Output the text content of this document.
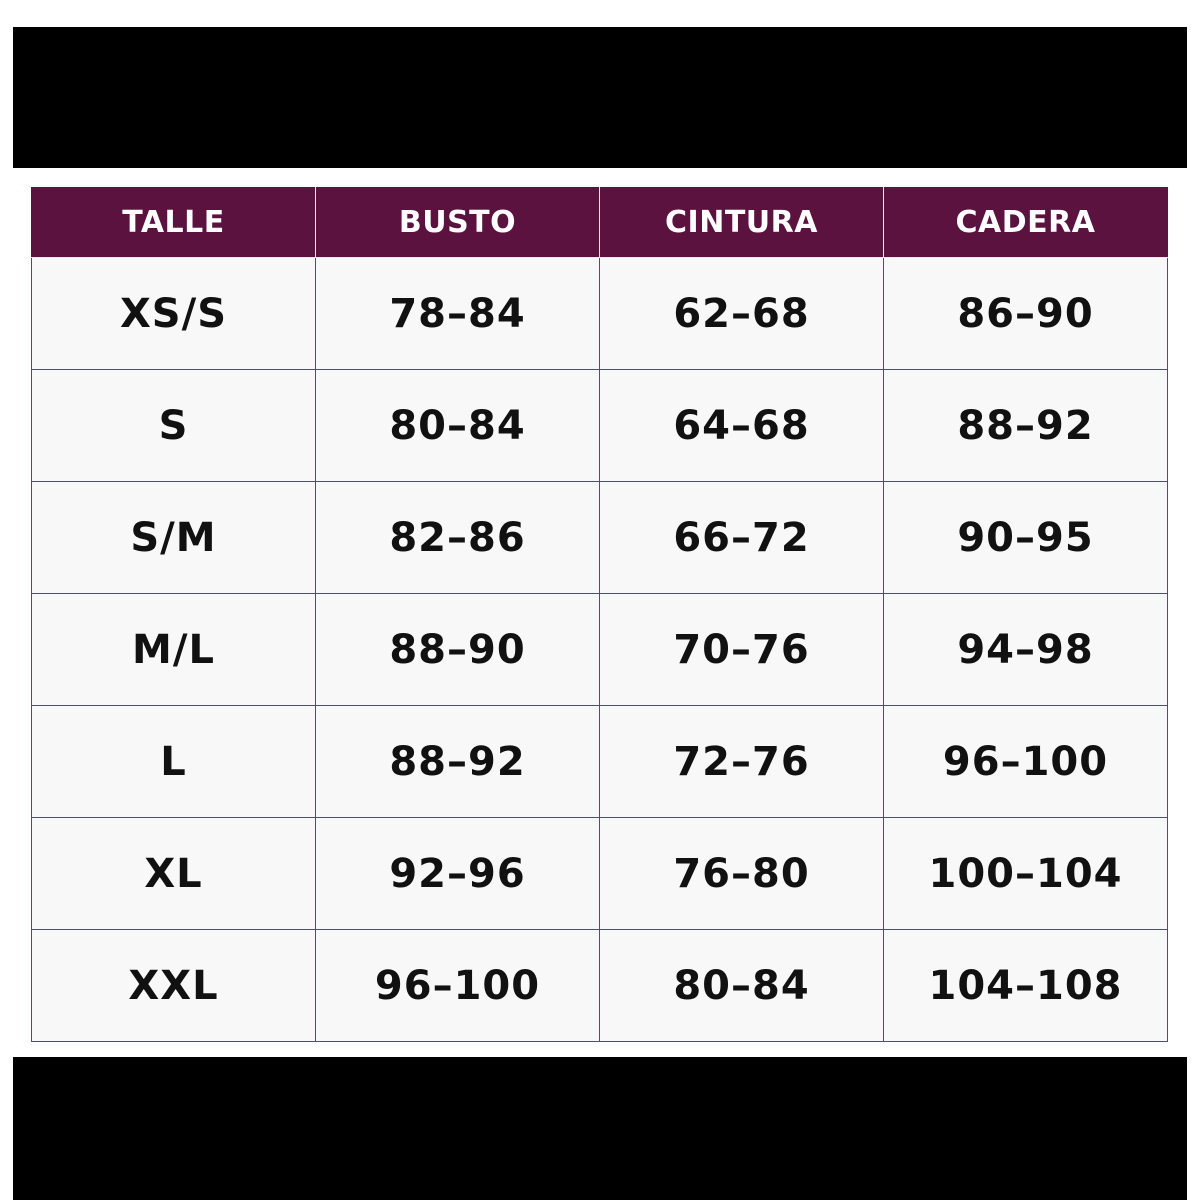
TALLE	BUSTO	CINTURA	CADERA
XS/S	78–84	62–68	86–90
S	80–84	64–68	88–92
S/M	82–86	66–72	90–95
M/L	88–90	70–76	94–98
L	88–92	72–76	96–100
XL	92–96	76–80	100–104
XXL	96–100	80–84	104–108
